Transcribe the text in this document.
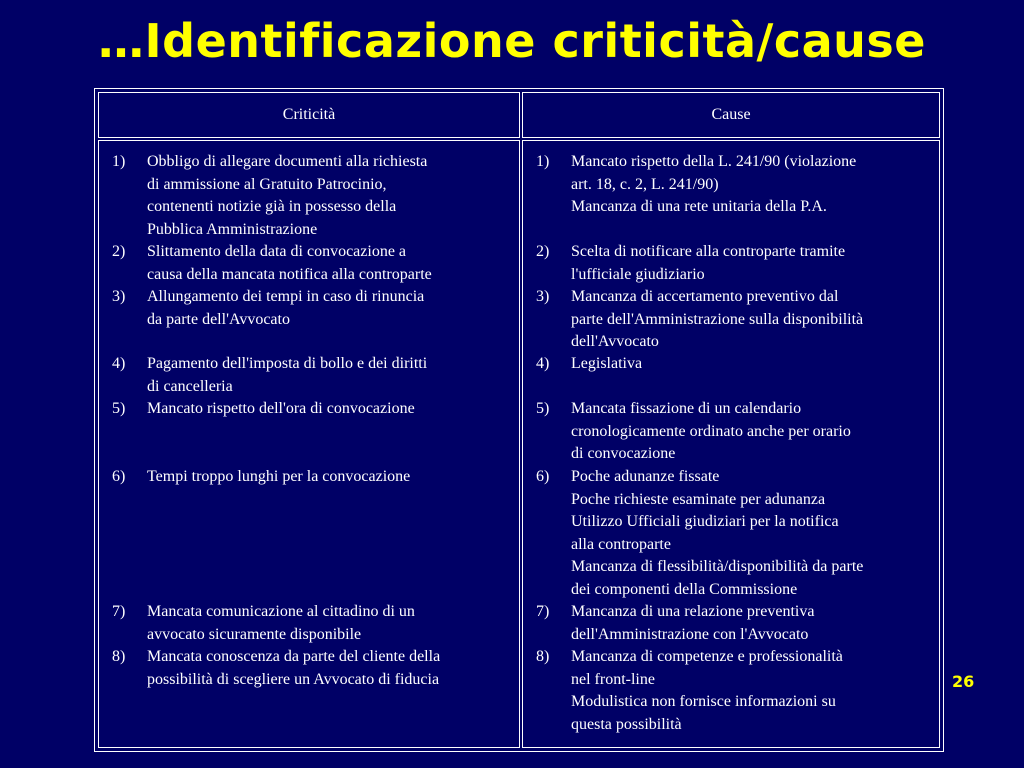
…Identificazione criticità/cause

Criticità	Cause

1) Obbligo di allegare documenti alla richiesta
di ammissione al Gratuito Patrocinio,
contenenti notizie già in possesso della
Pubblica Amministrazione
2) Slittamento della data di convocazione a
causa della mancata notifica alla controparte
3) Allungamento dei tempi in caso di rinuncia
da parte dell'Avvocato
4) Pagamento dell'imposta di bollo e dei diritti
di cancelleria
5) Mancato rispetto dell'ora di convocazione
6) Tempi troppo lunghi per la convocazione
7) Mancata comunicazione al cittadino di un
avvocato sicuramente disponibile
8) Mancata conoscenza da parte del cliente della
possibilità di scegliere un Avvocato di fiducia
1) Mancato rispetto della L. 241/90 (violazione
art. 18, c. 2, L. 241/90)
Mancanza di una rete unitaria della P.A.
2) Scelta di notificare alla controparte tramite
l'ufficiale giudiziario
3) Mancanza di accertamento preventivo dal
parte dell'Amministrazione sulla disponibilità
dell'Avvocato
4) Legislativa
5) Mancata fissazione di un calendario
cronologicamente ordinato anche per orario
di convocazione
6) Poche adunanze fissate
Poche richieste esaminate per adunanza
Utilizzo Ufficiali giudiziari per la notifica
alla controparte
Mancanza di flessibilità/disponibilità da parte
dei componenti della Commissione
7) Mancanza di una relazione preventiva
dell'Amministrazione con l'Avvocato
8) Mancanza di competenze e professionalità
nel front-line
Modulistica non fornisce informazioni su
questa possibilità
26
